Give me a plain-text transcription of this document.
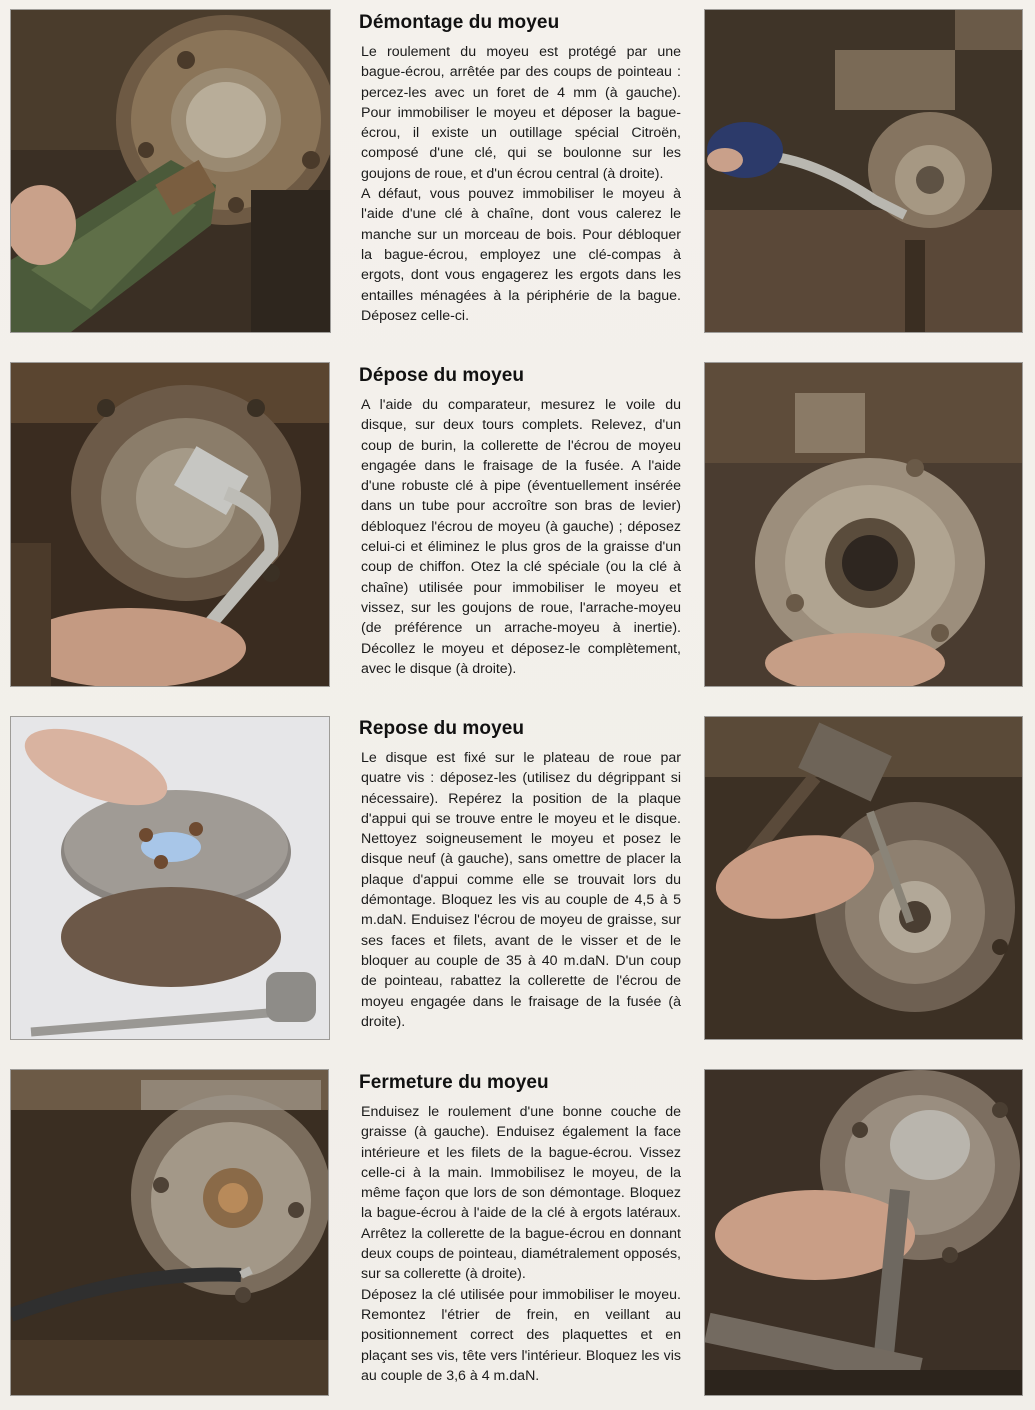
Démontage du moyeu

Le roulement du moyeu est protégé par une bague-écrou, arrêtée par des coups de pointeau : percez-les avec un foret de 4 mm (à gauche). Pour immobiliser le moyeu et déposer la bague-écrou, il existe un outillage spécial Citroën, composé d'une clé, qui se boulonne sur les goujons de roue, et d'un écrou central (à droite).

A défaut, vous pouvez immobiliser le moyeu à l'aide d'une clé à chaîne, dont vous calerez le manche sur un morceau de bois. Pour débloquer la bague-écrou, employez une clé-compas à ergots, dont vous engagerez les ergots dans les entailles ménagées à la périphérie de la bague. Déposez celle-ci.

Dépose du moyeu

A l'aide du comparateur, mesurez le voile du disque, sur deux tours complets. Relevez, d'un coup de burin, la collerette de l'écrou de moyeu engagée dans le fraisage de la fusée. A l'aide d'une robuste clé à pipe (éventuellement insérée dans un tube pour accroître son bras de levier) débloquez l'écrou de moyeu (à gauche) ; déposez celui-ci et éliminez le plus gros de la graisse d'un coup de chiffon. Otez la clé spéciale (ou la clé à chaîne) utilisée pour immobiliser le moyeu et vissez, sur les goujons de roue, l'arrache-moyeu (de préférence un arrache-moyeu à inertie). Décollez le moyeu et déposez-le complètement, avec le disque (à droite).

Repose du moyeu

Le disque est fixé sur le plateau de roue par quatre vis : déposez-les (utilisez du dégrippant si nécessaire). Repérez la position de la plaque d'appui qui se trouve entre le moyeu et le disque. Nettoyez soigneusement le moyeu et posez le disque neuf (à gauche), sans omettre de placer la plaque d'appui comme elle se trouvait lors du démontage. Bloquez les vis au couple de 4,5 à 5 m.daN. Enduisez l'écrou de moyeu de graisse, sur ses faces et filets, avant de le visser et de le bloquer au couple de 35 à 40 m.daN. D'un coup de pointeau, rabattez la collerette de l'écrou de moyeu engagée dans le fraisage de la fusée (à droite).

Fermeture du moyeu

Enduisez le roulement d'une bonne couche de graisse (à gauche). Enduisez également la face intérieure et les filets de la bague-écrou. Vissez celle-ci à la main. Immobilisez le moyeu, de la même façon que lors de son démontage. Bloquez la bague-écrou à l'aide de la clé à ergots latéraux. Arrêtez la collerette de la bague-écrou en donnant deux coups de pointeau, diamétralement opposés, sur sa collerette (à droite).

Déposez la clé utilisée pour immobiliser le moyeu. Remontez l'étrier de frein, en veillant au positionnement correct des plaquettes et en plaçant ses vis, tête vers l'intérieur. Bloquez les vis au couple de 3,6 à 4 m.daN.
